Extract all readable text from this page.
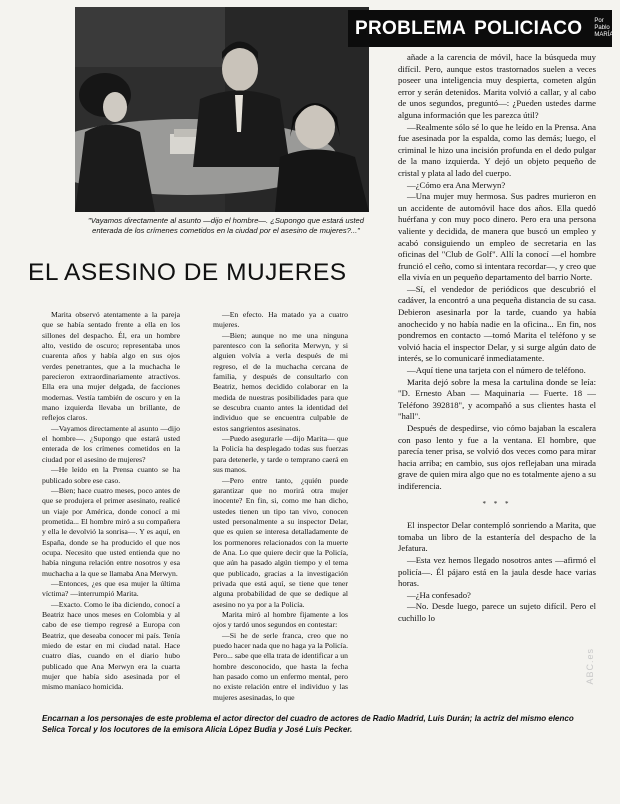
"Vayamos directamente al asunto —dijo el hombre—. ¿Supongo que estará usted enterada de los crímenes cometidos en la ciudad por el asesino de mujeres?..."
PROBLEMA POLICIACO Por
Pablo MARÍA
EL ASESINO DE MUJERES

Marita observó atentamente a la pareja que se había sentado frente a ella en los sillones del despacho. Él, era un hombre alto, vestido de oscuro; representaba unos cuarenta años y había algo en sus ojos verdes penetrantes, que a la muchacha le parecieron extraordinariamente atractivos. Ella era una mujer delgada, de facciones modernas. Vestía también de oscuro y en la mano izquierda llevaba un brillante, de reflejos claros.

—Vayamos directamente al asunto —dijo el hombre—. ¿Supongo que estará usted enterada de los crímenes cometidos en la ciudad por el asesino de mujeres?

—He leído en la Prensa cuanto se ha publicado sobre ese caso.

—Bien; hace cuatro meses, poco antes de que se produjera el primer asesinato, realicé un viaje por América, donde conocí a mi prometida... El hombre miró a su compañera y ella le devolvió la sonrisa—. Y es aquí, en España, donde se ha producido el que nos ocupa. Necesito que usted entienda que no había ninguna relación entre nosotros y esa muchacha a la que se llamaba Ana Merwyn.

—Entonces, ¿es que esa mujer la última víctima? —interrumpió Marita.

—Exacto. Como le iba diciendo, conocí a Beatriz hace unos meses en Colombia y al cabo de ese tiempo regresé a Europa con Beatriz, que deseaba conocer mi país. Tenía miedo de estar en mi ciudad natal. Hace cuatro días, cuando en el diario hubo publicado que Ana Merwyn era la cuarta mujer que había sido asesinada por el mismo maníaco homicida.

—En efecto. Ha matado ya a cuatro mujeres.

—Bien; aunque no me una ninguna parentesco con la señorita Merwyn, y si alguien volvía a verla después de mi regreso, el de la muchacha cercana de familia, y después de consultarlo con Beatriz, hemos decidido colaborar en la medida de nuestras posibilidades para que se descubra cuanto antes la identidad del individuo que se encuentra culpable de estos sangrientos asesinatos.

—Puedo asegurarle —dijo Marita— que la Policía ha desplegado todas sus fuerzas para detenerle, y tarde o temprano caerá en sus manos.

—Pero entre tanto, ¿quién puede garantizar que no morirá otra mujer inocente? En fin, si, como me han dicho, ustedes tienen un tipo tan vivo, conocen usted personalmente a su inspector Delar, que es quien se interesa detalladamente de los pormenores relacionados con la muerte de Ana. Lo que quiere decir que la Policía, que aún ha pasado algún tiempo y el tema que publicado, gracias a la investigación privada que está aquí, se tiene que tener alguna probabilidad de que se dedique al asesino no ya por a la Policía.

Marita miró al hombre fijamente a los ojos y tardó unos segundos en contestar:

—Si he de serle franca, creo que no puedo hacer nada que no haga ya la Policía. Pero... sabe que ella trata de identificar a un hombre desconocido, que hasta la fecha han pasado como un enfermo mental, pero no existe relación entre el individuo y las mujeres asesinadas, lo que

añade a la carencia de móvil, hace la búsqueda muy difícil. Pero, aunque estos trastornados suelen a veces poseer una inteligencia muy despierta, cometen algún error y serán detenidos. Marita volvió a callar, y al cabo de unos segundos, preguntó—: ¿Pueden ustedes darme alguna información que les parezca útil?

—Realmente sólo sé lo que he leído en la Prensa. Ana fue asesinada por la espalda, como las demás; luego, el criminal le hizo una incisión profunda en el dedo pulgar de la mano izquierda. Y dejó un objeto pequeño de cristal y plata al lado del cuerpo.

—¿Cómo era Ana Merwyn?

—Una mujer muy hermosa. Sus padres murieron en un accidente de automóvil hace dos años. Ella quedó huérfana y con muy poco dinero. Pero era una persona valiente y decidida, de manera que buscó un empleo y acabó consiguiendo un empleo de secretaria en las oficinas del "Club de Golf". Allí la conocí —el hombre frunció el ceño, como si intentara recordar—, y creo que ella vivía en un pequeño departamento del barrio Norte.

—Sí, el vendedor de periódicos que descubrió el cadáver, la encontró a una pequeña distancia de su casa. Debieron asesinarla por la tarde, cuando ya había anochecido y no había nadie en la oficina... En fin, nos pondremos en contacto —tomó Marita el teléfono y se volvió hacia el inspector Delar, y si surge algún dato de interés, se lo comunicaré inmediatamente.

—Aquí tiene una tarjeta con el número de teléfono.

Marita dejó sobre la mesa la cartulina donde se leía: "D. Ernesto Aban — Maquinaria — Fuerte. 18 — Teléfono 392818", y acompañó a sus clientes hasta el "hall".

Después de despedirse, vio cómo bajaban la escalera con paso lento y fue a la ventana. El hombre, que parecía tener prisa, se volvió dos veces como para mirar hacia arriba; en cambio, sus ojos reflejaban una mirada grave de quien mira algo que no es totalmente ajeno a su indiferencia.

* * *

El inspector Delar contempló sonriendo a Marita, que tomaba un libro de la estantería del despacho de la Jefatura.

—Esta vez hemos llegado nosotros antes —afirmó el policía—. Él pájaro está en la jaula desde hace varias horas.

—¿Ha confesado?

—No. Desde luego, parece un sujeto difícil. Pero el cuchillo lo

ABC.es
Encarnan a los personajes de este problema el actor director del cuadro de actores de Radio Madrid, Luis Durán; la actriz del mismo elenco Selica Torcal y los locutores de la emisora Alicia López Budia y José Luis Pecker.
